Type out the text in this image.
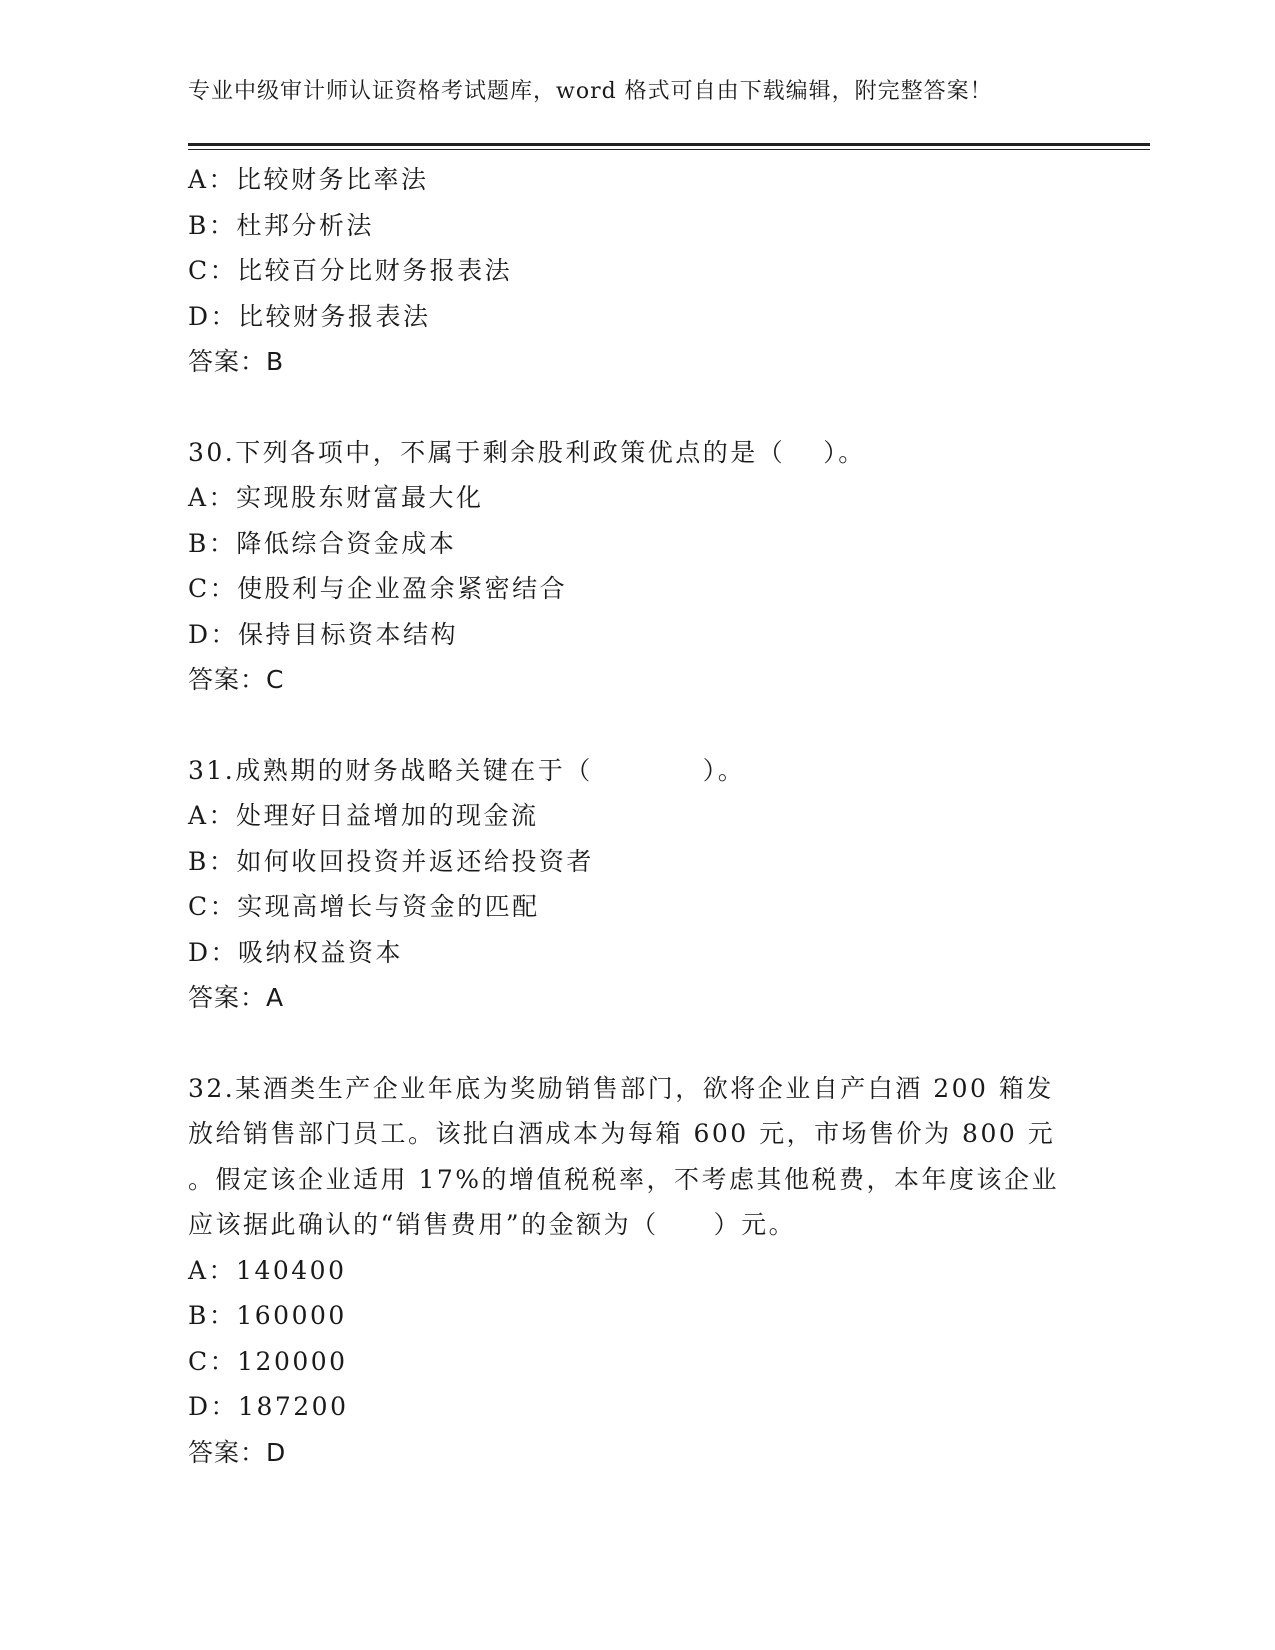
专业中级审计师认证资格考试题库，word 格式可自由下载编辑，附完整答案！
A：比较财务比率法
B：杜邦分析法
C：比较百分比财务报表法
D：比较财务报表法
答案：B
30.下列各项中，不属于剩余股利政策优点的是（　 ）。
A：实现股东财富最大化
B：降低综合资金成本
C：使股利与企业盈余紧密结合
D：保持目标资本结构
答案：C
31.成熟期的财务战略关键在于（　　　　）。
A：处理好日益增加的现金流
B：如何收回投资并返还给投资者
C：实现高增长与资金的匹配
D：吸纳权益资本
答案：A
32.某酒类生产企业年底为奖励销售部门，欲将企业自产白酒 200 箱发
放给销售部门员工。该批白酒成本为每箱 600 元，市场售价为 800 元
。假定该企业适用 17%的增值税税率，不考虑其他税费，本年度该企业
应该据此确认的“销售费用”的金额为（　　）元。
A：140400
B：160000
C：120000
D：187200
答案：D
